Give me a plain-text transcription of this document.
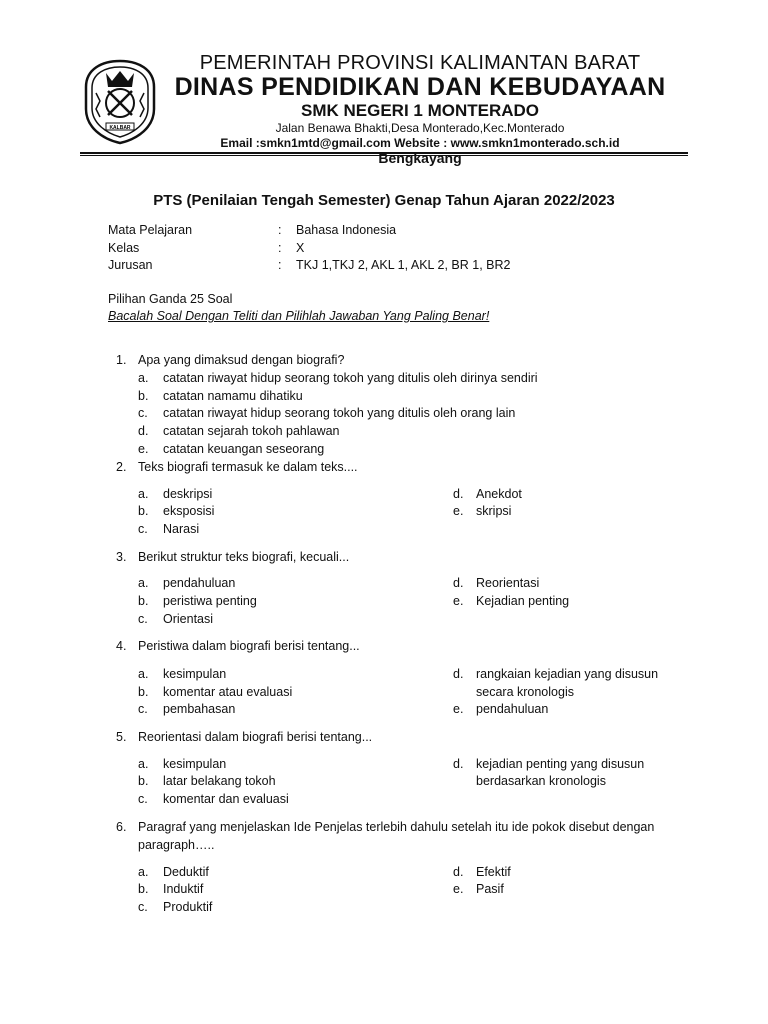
KALBAR
PEMERINTAH PROVINSI KALIMANTAN BARAT
DINAS PENDIDIKAN DAN KEBUDAYAAN
SMK NEGERI 1 MONTERADO
Jalan Benawa Bhakti,Desa Monterado,Kec.Monterado
Email :smkn1mtd@gmail.com Website : www.smkn1monterado.sch.id
Bengkayang
PTS (Penilaian Tengah Semester) Genap Tahun Ajaran 2022/2023
Mata Pelajaran	: Bahasa Indonesia
Kelas	: X
Jurusan	: TKJ 1,TKJ 2, AKL 1, AKL 2, BR 1, BR2
Pilihan Ganda 25 Soal
Bacalah Soal Dengan Teliti dan Pilihlah Jawaban Yang Paling Benar!
1. Apa yang dimaksud dengan biografi?
a. catatan riwayat hidup seorang tokoh yang ditulis oleh dirinya sendiri
b. catatan namamu dihatiku
c. catatan riwayat hidup seorang tokoh yang ditulis oleh orang lain
d. catatan sejarah tokoh pahlawan
e. catatan keuangan seseorang
2. Teks biografi termasuk ke dalam teks....
a. deskripsi
b. eksposisi
c. Narasi
d. Anekdot
e. skripsi
3. Berikut struktur teks biografi, kecuali...
a. pendahuluan
b. peristiwa penting
c. Orientasi
d. Reorientasi
e. Kejadian penting
4. Peristiwa dalam biografi berisi tentang...
a. kesimpulan
b. komentar atau evaluasi
c. pembahasan
d. rangkaian kejadian yang disusun
secara kronologis
e. pendahuluan
5. Reorientasi dalam biografi berisi tentang...
a. kesimpulan
b. latar belakang tokoh
c. komentar dan evaluasi
d. kejadian penting yang disusun
berdasarkan kronologis
6. Paragraf yang menjelaskan Ide Penjelas terlebih dahulu setelah itu ide pokok disebut dengan
paragraph…..
a. Deduktif
b. Induktif
c. Produktif
d. Efektif
e. Pasif
